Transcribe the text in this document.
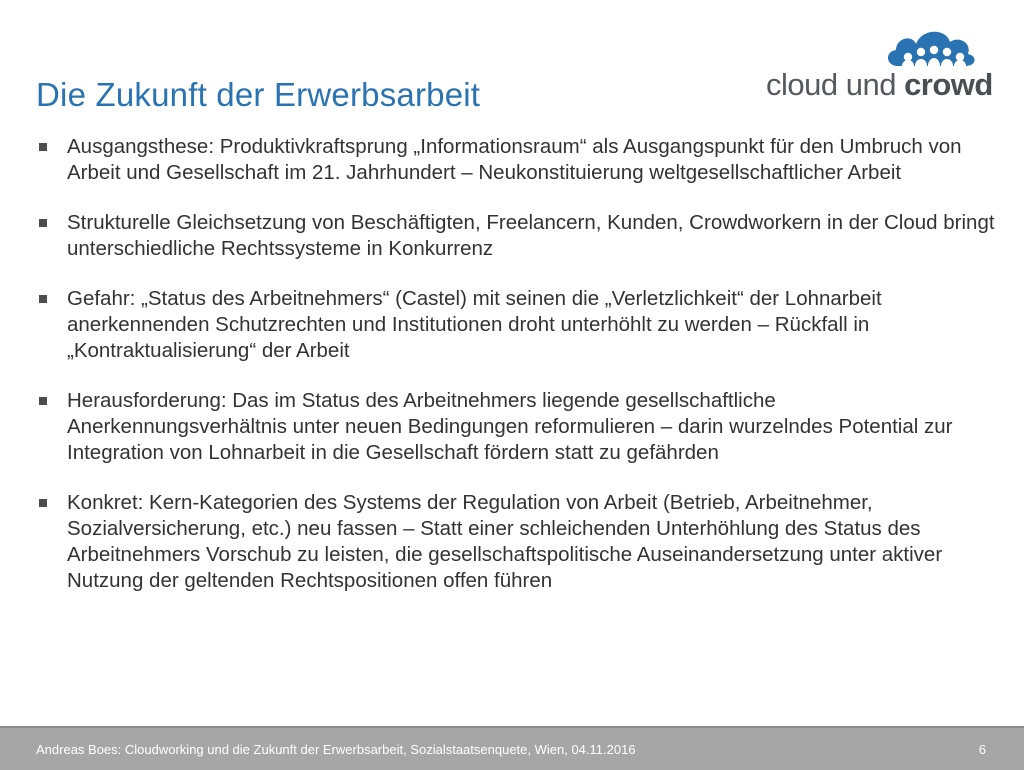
Die Zukunft der Erwerbsarbeit	cloud und crowd
Ausgangsthese: Produktivkraftsprung „Informationsraum“ als Ausgangspunkt für den Umbruch von Arbeit und Gesellschaft im 21. Jahrhundert – Neukonstituierung weltgesellschaftlicher Arbeit
Strukturelle Gleichsetzung von Beschäftigten, Freelancern, Kunden, Crowdworkern in der Cloud bringt unterschiedliche Rechtssysteme in Konkurrenz
Gefahr: „Status des Arbeitnehmers“ (Castel) mit seinen die „Verletzlichkeit“ der Lohnarbeit anerkennenden Schutzrechten und Institutionen droht unterhöhlt zu werden – Rückfall in „Kontraktualisierung“ der Arbeit
Herausforderung: Das im Status des Arbeitnehmers liegende gesellschaftliche Anerkennungsverhältnis unter neuen Bedingungen reformulieren – darin wurzelndes Potential zur Integration von Lohnarbeit in die Gesellschaft fördern statt zu gefährden
Konkret: Kern-Kategorien des Systems der Regulation von Arbeit (Betrieb, Arbeitnehmer, Sozialversicherung, etc.) neu fassen – Statt einer schleichenden Unterhöhlung des Status des Arbeitnehmers Vorschub zu leisten, die gesellschaftspolitische Auseinandersetzung unter aktiver Nutzung der geltenden Rechtspositionen offen führen
Andreas Boes: Cloudworking und die Zukunft der Erwerbsarbeit, Sozialstaatsenquete, Wien, 04.11.2016	6
